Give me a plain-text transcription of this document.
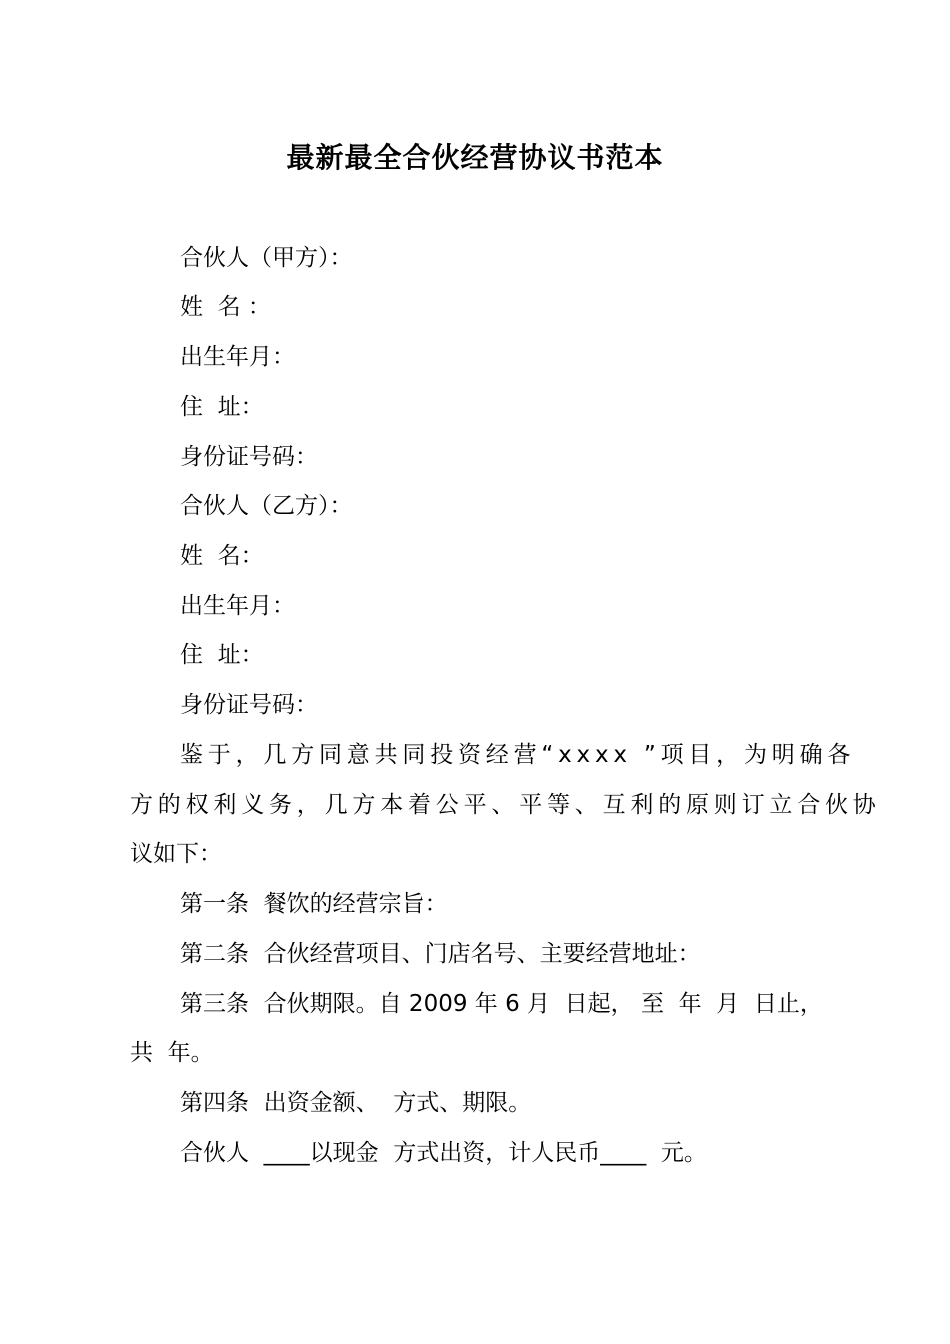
最新最全合伙经营协议书范本
合伙人（甲方）：
姓  名 ：
出生年月：
住  址：
身份证号码：
合伙人（乙方）：
姓  名：
出生年月：
住  址：
身份证号码：
鉴于，几方同意共同投资经营“xxxx ”项目，为明确各
方的权利义务，几方本着公平、平等、互利的原则订立合伙协
议如下：
第一条  餐饮的经营宗旨：
第二条  合伙经营项目、门店名号、主要经营地址：
第三条  合伙期限。自 2009 年 6 月  日起， 至  年  月  日止，
共  年。
第四条  出资金额、  方式、期限。
合伙人  ____以现金  方式出资，计人民币____  元。
